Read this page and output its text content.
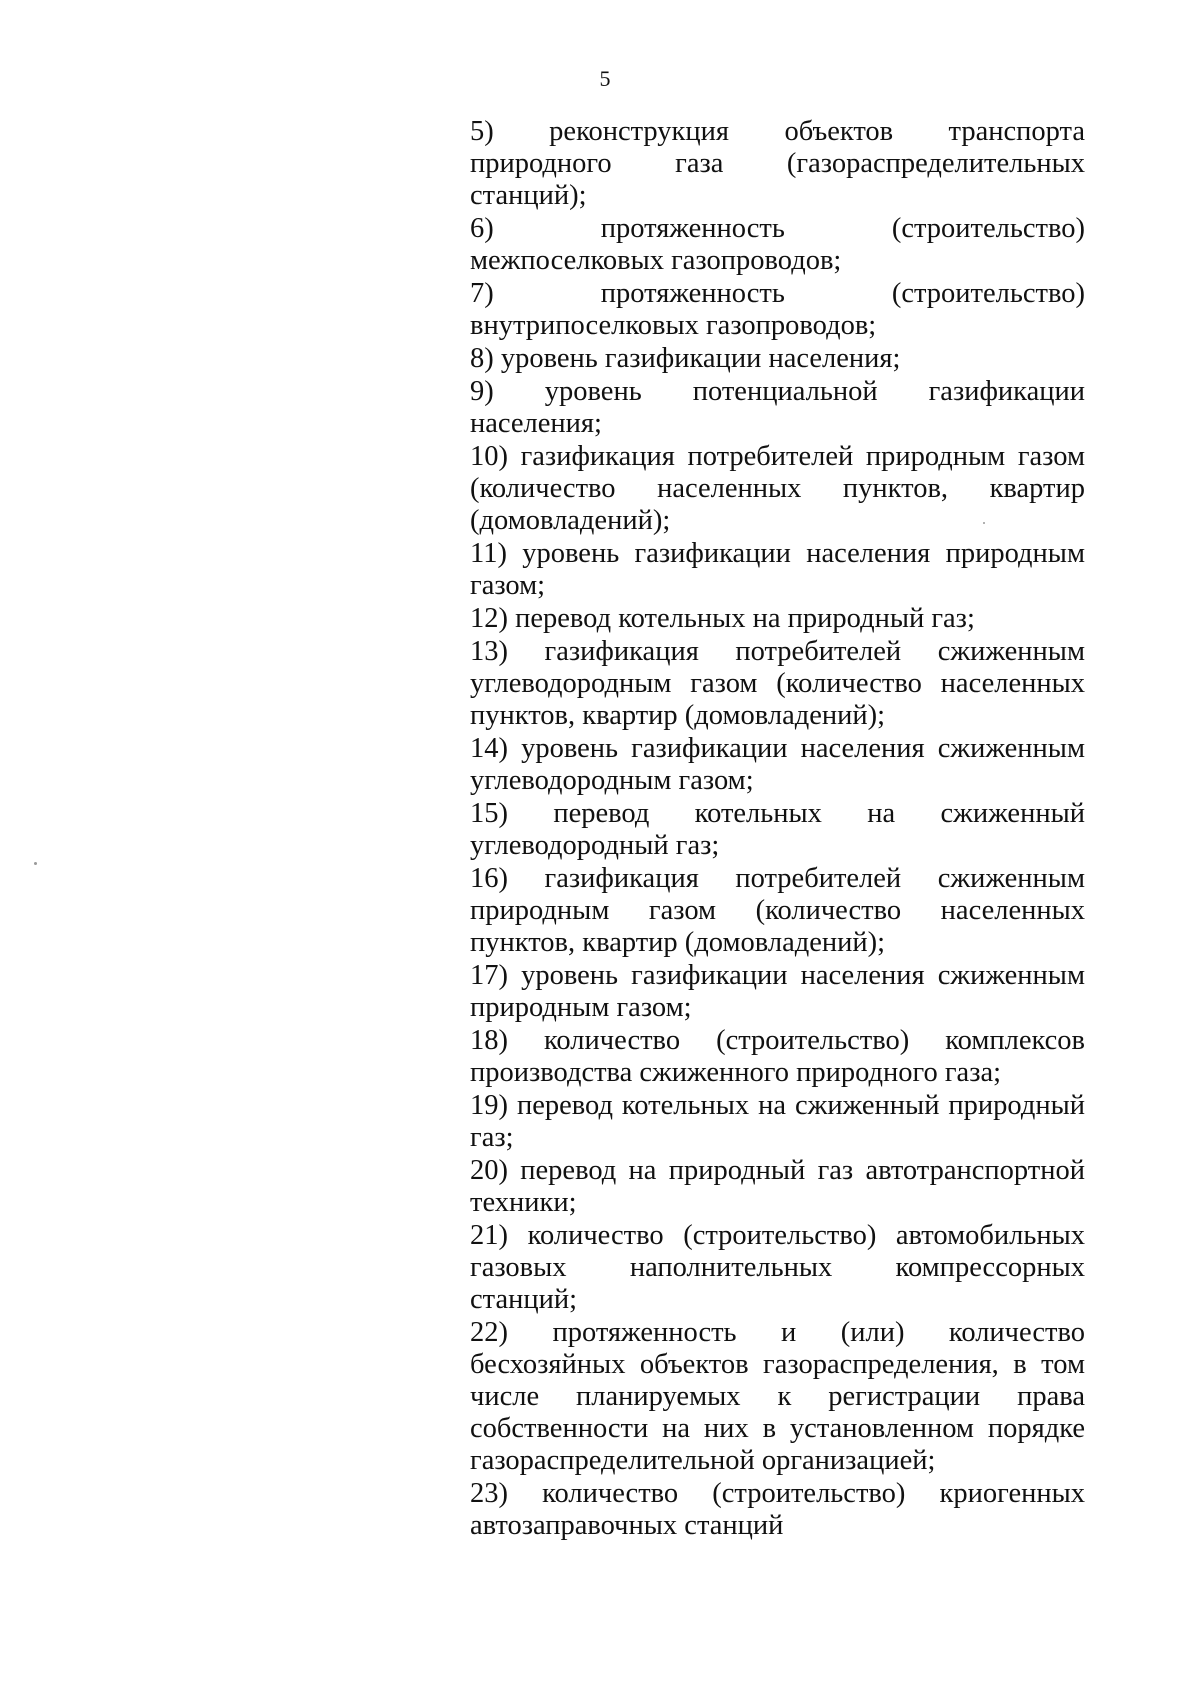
5
5) реконструкция объектов транспорта природного газа (газораспределительных станций);
6) протяженность (строительство) межпоселковых газопроводов;
7) протяженность (строительство) внутрипоселковых газопроводов;
8) уровень газификации населения;
9) уровень потенциальной газификации населения;
10) газификация потребителей природным газом (количество населенных пунктов, квартир (домовладений);
11) уровень газификации населения природным газом;
12) перевод котельных на природный газ;
13) газификация потребителей сжиженным углеводородным газом (количество населенных пунктов, квартир (домовладений);
14) уровень газификации населения сжиженным углеводородным газом;
15) перевод котельных на сжиженный углеводородный газ;
16) газификация потребителей сжиженным природным газом (количество населенных пунктов, квартир (домовладений);
17) уровень газификации населения сжиженным природным газом;
18) количество (строительство) комплексов производства сжиженного природного газа;
19) перевод котельных на сжиженный природный газ;
20) перевод на природный газ автотранспортной техники;
21) количество (строительство) автомобильных газовых наполнительных компрессорных станций;
22) протяженность и (или) количество бесхозяйных объектов газораспределения, в том числе планируемых к регистрации права собственности на них в установленном порядке газораспределительной организацией;
23) количество (строительство) криогенных автозаправочных станций
